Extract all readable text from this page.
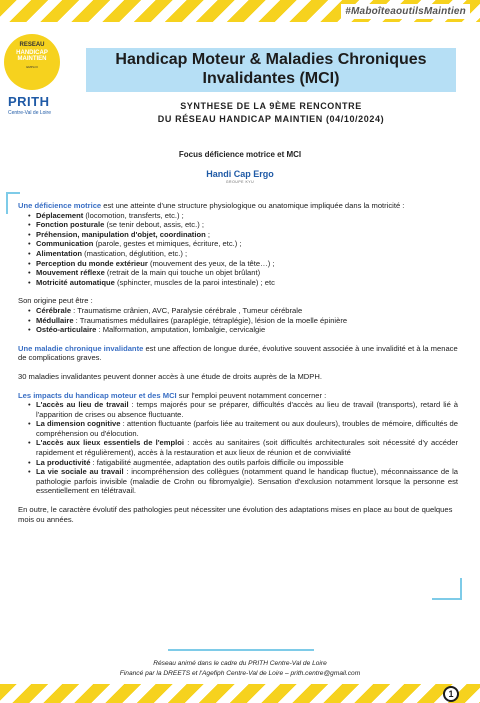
#MaboîteaoutilsMaintien
RESEAU
HANDICAP MAINTIEN
EMPLOI
PRITH
Centre-Val de Loire
Handicap Moteur & Maladies Chroniques
Invalidantes (MCI)
SYNTHESE DE LA 9ÈME RENCONTRE
DU RÉSEAU HANDICAP MAINTIEN (04/10/2024)
Focus déficience motrice et MCI
Handi Cap Ergo
GROUPE KYU

Une déficience motrice est une atteinte d'une structure physiologique ou anatomique impliquée dans la motricité :

• Déplacement (locomotion, transferts, etc.) ;
• Fonction posturale (se tenir debout, assis, etc.) ;
• Préhension, manipulation d'objet, coordination ;
• Communication (parole, gestes et mimiques, écriture, etc.) ;
• Alimentation (mastication, déglutition, etc.) ;
• Perception du monde extérieur (mouvement des yeux, de la tête…) ;
• Mouvement réflexe (retrait de la main qui touche un objet brûlant)
• Motricité automatique (sphincter, muscles de la paroi intestinale) ; etc

Son origine peut être :

• Cérébrale : Traumatisme crânien, AVC, Paralysie cérébrale , Tumeur cérébrale
• Médullaire : Traumatismes médullaires (paraplégie, tétraplégie), lésion de la moelle épinière
• Ostéo-articulaire : Malformation, amputation, lombalgie, cervicalgie

Une maladie chronique invalidante est une affection de longue durée, évolutive souvent associée à une invalidité et à la menace de complications graves.

30 maladies invalidantes peuvent donner accès à une étude de droits auprès de la MDPH.

Les impacts du handicap moteur et des MCI sur l'emploi peuvent notamment concerner :

• L'accès au lieu de travail : temps majorés pour se préparer, difficultés d'accès au lieu de travail (transports), retard lié à l'apparition de crises ou absence fluctuante.
• La dimension cognitive : attention fluctuante (parfois liée au traitement ou aux douleurs), troubles de mémoire, difficultés de compréhension ou d'élocution.
• L'accès aux lieux essentiels de l'emploi : accès au sanitaires (soit difficultés architecturales soit nécessité d'y accéder rapidement et régulièrement), accès à la restauration et aux lieux de réunion et de convivialité
• La productivité : fatigabilité augmentée, adaptation des outils parfois difficile ou impossible
• La vie sociale au travail : incompréhension des collègues (notamment quand le handicap fluctue), méconnaissance de la pathologie parfois invisible (maladie de Crohn ou fibromyalgie). Sensation d'exclusion notamment lorsque la personne est essentiellement en télétravail.

En outre, le caractère évolutif des pathologies peut nécessiter une évolution des adaptations mises en place au bout de quelques mois ou années.

Réseau animé dans le cadre du PRITH Centre-Val de Loire
Financé par la DREETS et l'Agefiph Centre-Val de Loire – prith.centre@gmail.com
1
